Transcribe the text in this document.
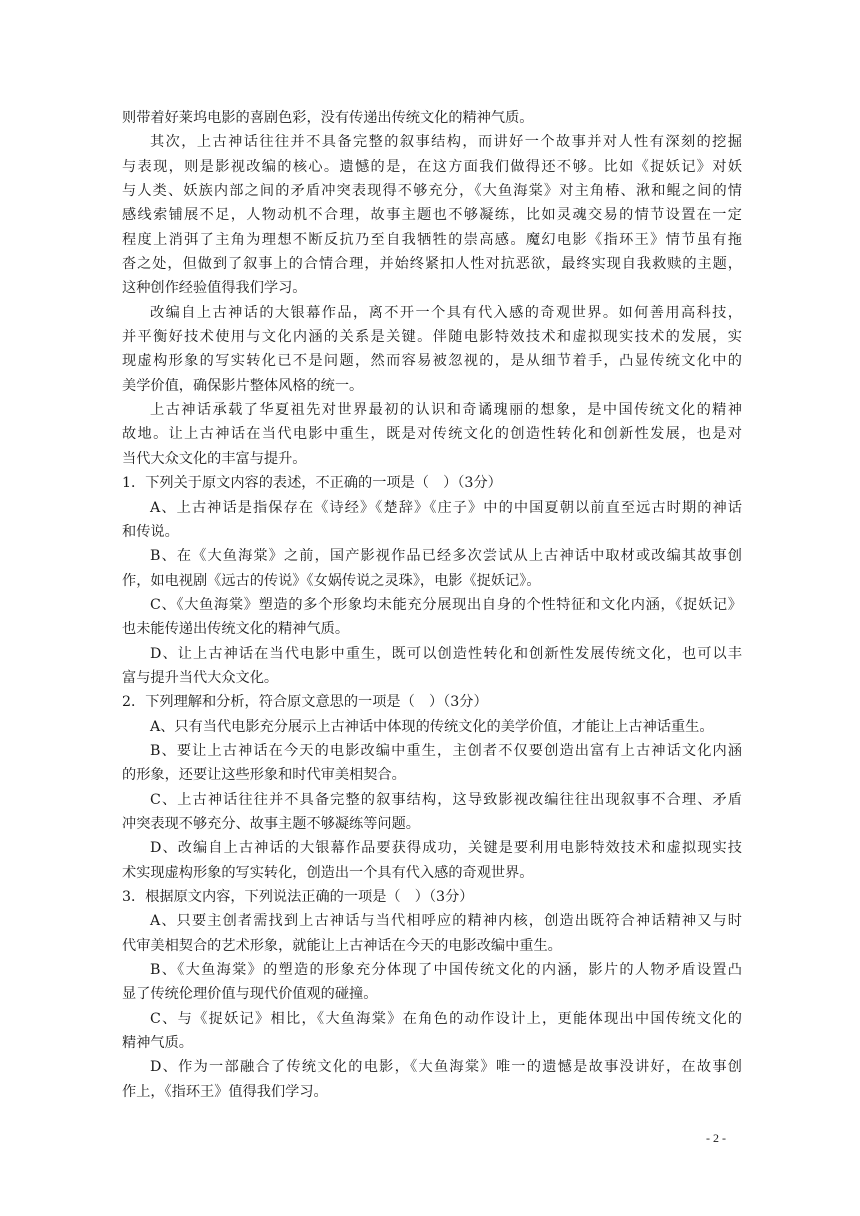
则带着好莱坞电影的喜剧色彩，没有传递出传统文化的精神气质。
其次，上古神话往往并不具备完整的叙事结构，而讲好一个故事并对人性有深刻的挖掘
与表现，则是影视改编的核心。遗憾的是，在这方面我们做得还不够。比如《捉妖记》对妖
与人类、妖族内部之间的矛盾冲突表现得不够充分，《大鱼海棠》对主角椿、湫和鲲之间的情
感线索铺展不足，人物动机不合理，故事主题也不够凝练，比如灵魂交易的情节设置在一定
程度上消弭了主角为理想不断反抗乃至自我牺牲的崇高感。魔幻电影《指环王》情节虽有拖
沓之处，但做到了叙事上的合情合理，并始终紧扣人性对抗恶欲，最终实现自我救赎的主题，
这种创作经验值得我们学习。
改编自上古神话的大银幕作品，离不开一个具有代入感的奇观世界。如何善用高科技，
并平衡好技术使用与文化内涵的关系是关键。伴随电影特效技术和虚拟现实技术的发展，实
现虚构形象的写实转化已不是问题，然而容易被忽视的，是从细节着手，凸显传统文化中的
美学价值，确保影片整体风格的统一。
上古神话承载了华夏祖先对世界最初的认识和奇谲瑰丽的想象，是中国传统文化的精神
故地。让上古神话在当代电影中重生，既是对传统文化的创造性转化和创新性发展，也是对
当代大众文化的丰富与提升。
1．下列关于原文内容的表述，不正确的一项是（　）（3分）
A、上古神话是指保存在《诗经》《楚辞》《庄子》中的中国夏朝以前直至远古时期的神话
和传说。
B、在《大鱼海棠》之前，国产影视作品已经多次尝试从上古神话中取材或改编其故事创
作，如电视剧《远古的传说》《女娲传说之灵珠》，电影《捉妖记》。
C、《大鱼海棠》塑造的多个形象均未能充分展现出自身的个性特征和文化内涵，《捉妖记》
也未能传递出传统文化的精神气质。
D、让上古神话在当代电影中重生，既可以创造性转化和创新性发展传统文化，也可以丰
富与提升当代大众文化。
2．下列理解和分析，符合原文意思的一项是（　）（3分）
A、只有当代电影充分展示上古神话中体现的传统文化的美学价值，才能让上古神话重生。
B、要让上古神话在今天的电影改编中重生，主创者不仅要创造出富有上古神话文化内涵
的形象，还要让这些形象和时代审美相契合。
C、上古神话往往并不具备完整的叙事结构，这导致影视改编往往出现叙事不合理、矛盾
冲突表现不够充分、故事主题不够凝练等问题。
D、改编自上古神话的大银幕作品要获得成功，关键是要利用电影特效技术和虚拟现实技
术实现虚构形象的写实转化，创造出一个具有代入感的奇观世界。
3．根据原文内容，下列说法正确的一项是（　）（3分）
A、只要主创者需找到上古神话与当代相呼应的精神内核，创造出既符合神话精神又与时
代审美相契合的艺术形象，就能让上古神话在今天的电影改编中重生。
B、《大鱼海棠》的塑造的形象充分体现了中国传统文化的内涵，影片的人物矛盾设置凸
显了传统伦理价值与现代价值观的碰撞。
C、与《捉妖记》相比，《大鱼海棠》在角色的动作设计上，更能体现出中国传统文化的
精神气质。
D、作为一部融合了传统文化的电影，《大鱼海棠》唯一的遗憾是故事没讲好，在故事创
作上，《指环王》值得我们学习。
- 2 -
